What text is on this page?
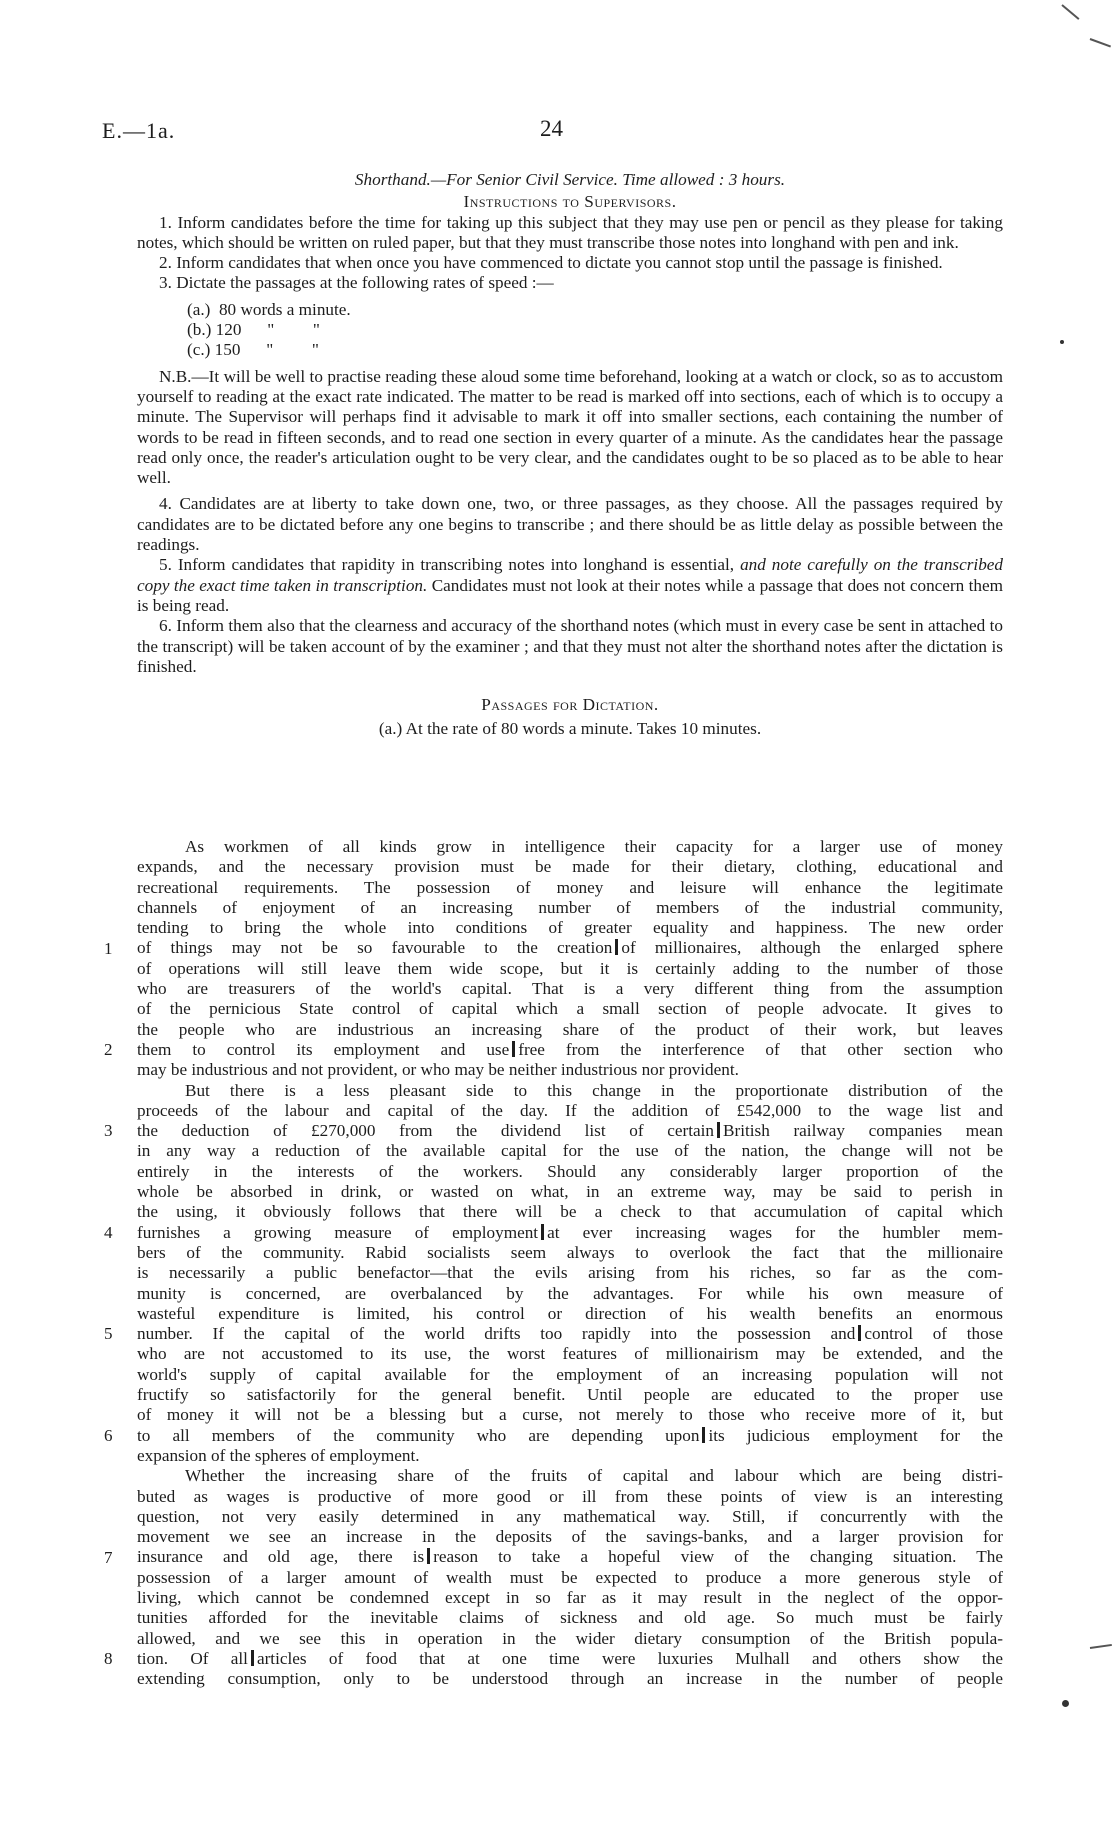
E.—1a.	24

Shorthand.—For Senior Civil Service. Time allowed : 3 hours.

Instructions to Supervisors.

1. Inform candidates before the time for taking up this subject that they may use pen or pencil as they please for taking notes, which should be written on ruled paper, but that they must transcribe those notes into longhand with pen and ink.

2. Inform candidates that when once you have commenced to dictate you cannot stop until the passage is finished.

3. Dictate the passages at the following rates of speed :—

(a.)  80 words a minute.
(b.) 120      "         "
(c.) 150      "         "

N.B.—It will be well to practise reading these aloud some time beforehand, looking at a watch or clock, so as to accustom yourself to reading at the exact rate indicated. The matter to be read is marked off into sections, each of which is to occupy a minute. The Supervisor will perhaps find it advisable to mark it off into smaller sections, each containing the number of words to be read in fifteen seconds, and to read one section in every quarter of a minute. As the candidates hear the passage read only once, the reader's articulation ought to be very clear, and the candidates ought to be so placed as to be able to hear well.

4. Candidates are at liberty to take down one, two, or three passages, as they choose. All the passages required by candidates are to be dictated before any one begins to transcribe ; and there should be as little delay as possible between the readings.

5. Inform candidates that rapidity in transcribing notes into longhand is essential, and note carefully on the transcribed copy the exact time taken in transcription. Candidates must not look at their notes while a passage that does not concern them is being read.

6. Inform them also that the clearness and accuracy of the shorthand notes (which must in every case be sent in attached to the transcript) will be taken account of by the examiner ; and that they must not alter the shorthand notes after the dictation is finished.

Passages for Dictation.

(a.) At the rate of 80 words a minute. Takes 10 minutes.

As workmen of all kinds grow in intelligence their capacity for a larger use of money
expands, and the necessary provision must be made for their dietary, clothing, educational and
recreational requirements. The possession of money and leisure will enhance the legitimate
channels of enjoyment of an increasing number of members of the industrial community,
tending to bring the whole into conditions of greater equality and happiness. The new order
of things may not be so favourable to the creation of millionaires, although the enlarged sphere
of operations will still leave them wide scope, but it is certainly adding to the number of those
who are treasurers of the world's capital. That is a very different thing from the assumption
of the pernicious State control of capital which a small section of people advocate. It gives to
the people who are industrious an increasing share of the product of their work, but leaves
them to control its employment and use free from the interference of that other section who
may be industrious and not provident, or who may be neither industrious nor provident.
But there is a less pleasant side to this change in the proportionate distribution of the
proceeds of the labour and capital of the day. If the addition of £542,000 to the wage list and
the deduction of £270,000 from the dividend list of certain British railway companies mean
in any way a reduction of the available capital for the use of the nation, the change will not be
entirely in the interests of the workers. Should any considerably larger proportion of the
whole be absorbed in drink, or wasted on what, in an extreme way, may be said to perish in
the using, it obviously follows that there will be a check to that accumulation of capital which
furnishes a growing measure of employment at ever increasing wages for the humbler mem-
bers of the community. Rabid socialists seem always to overlook the fact that the millionaire
is necessarily a public benefactor—that the evils arising from his riches, so far as the com-
munity is concerned, are overbalanced by the advantages. For while his own measure of
wasteful expenditure is limited, his control or direction of his wealth benefits an enormous
number. If the capital of the world drifts too rapidly into the possession and control of those
who are not accustomed to its use, the worst features of millionairism may be extended, and the
world's supply of capital available for the employment of an increasing population will not
fructify so satisfactorily for the general benefit. Until people are educated to the proper use
of money it will not be a blessing but a curse, not merely to those who receive more of it, but
to all members of the community who are depending upon its judicious employment for the
expansion of the spheres of employment.
Whether the increasing share of the fruits of capital and labour which are being distri-
buted as wages is productive of more good or ill from these points of view is an interesting
question, not very easily determined in any mathematical way. Still, if concurrently with the
movement we see an increase in the deposits of the savings-banks, and a larger provision for
insurance and old age, there is reason to take a hopeful view of the changing situation. The
possession of a larger amount of wealth must be expected to produce a more generous style of
living, which cannot be condemned except in so far as it may result in the neglect of the oppor-
tunities afforded for the inevitable claims of sickness and old age. So much must be fairly
allowed, and we see this in operation in the wider dietary consumption of the British popula-
tion. Of all articles of food that at one time were luxuries Mulhall and others show the
extending consumption, only to be understood through an increase in the number of people
1
2
3
4
5
6
7
8
